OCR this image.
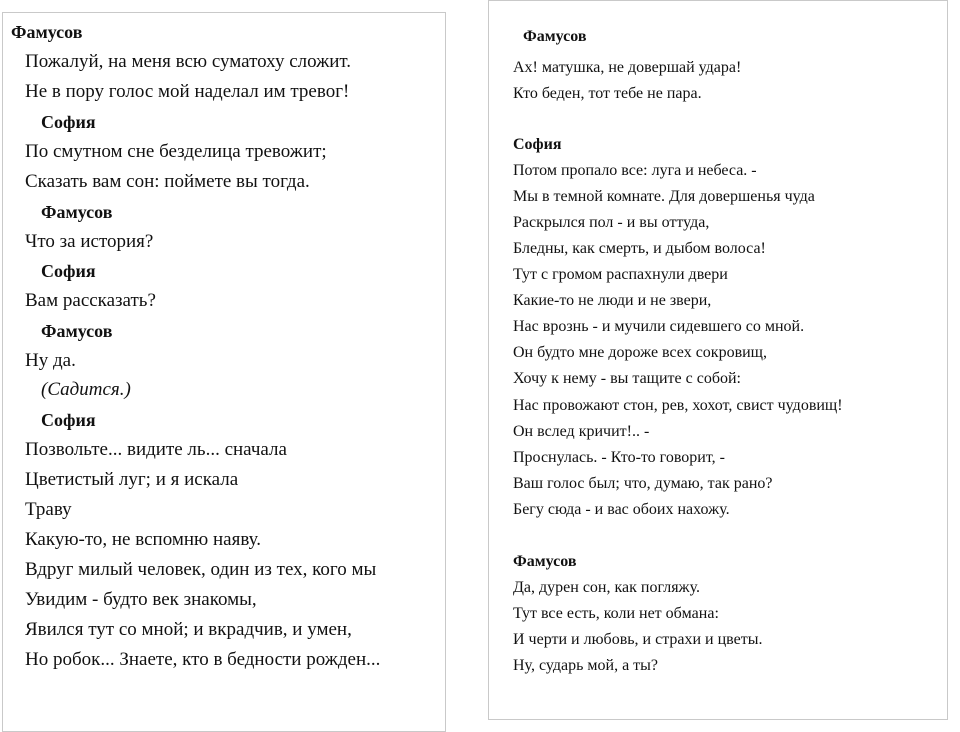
Фамусов
Пожалуй, на меня всю суматоху сложит.
Не в пору голос мой наделал им тревог!
София
По смутном сне безделица тревожит;
Сказать вам сон: поймете вы тогда.
Фамусов
Что за история?
София
Вам рассказать?
Фамусов
Ну да.
(Садится.)
София
Позвольте... видите ль... сначала
Цветистый луг; и я искала
Траву
Какую-то, не вспомню наяву.
Вдруг милый человек, один из тех, кого мы
Увидим - будто век знакомы,
Явился тут со мной; и вкрадчив, и умен,
Но робок... Знаете, кто в бедности рожден...
Фамусов
Ах! матушка, не довершай удара!
Кто беден, тот тебе не пара.
София
Потом пропало все: луга и небеса. -
Мы в темной комнате. Для довершенья чуда
Раскрылся пол - и вы оттуда,
Бледны, как смерть, и дыбом волоса!
Тут с громом распахнули двери
Какие-то не люди и не звери,
Нас врознь - и мучили сидевшего со мной.
Он будто мне дороже всех сокровищ,
Хочу к нему - вы тащите с собой:
Нас провожают стон, рев, хохот, свист чудовищ!
Он вслед кричит!.. -
Проснулась. - Кто-то говорит, -
Ваш голос был; что, думаю, так рано?
Бегу сюда - и вас обоих нахожу.
Фамусов
Да, дурен сон, как погляжу.
Тут все есть, коли нет обмана:
И черти и любовь, и страхи и цветы.
Ну, сударь мой, а ты?
